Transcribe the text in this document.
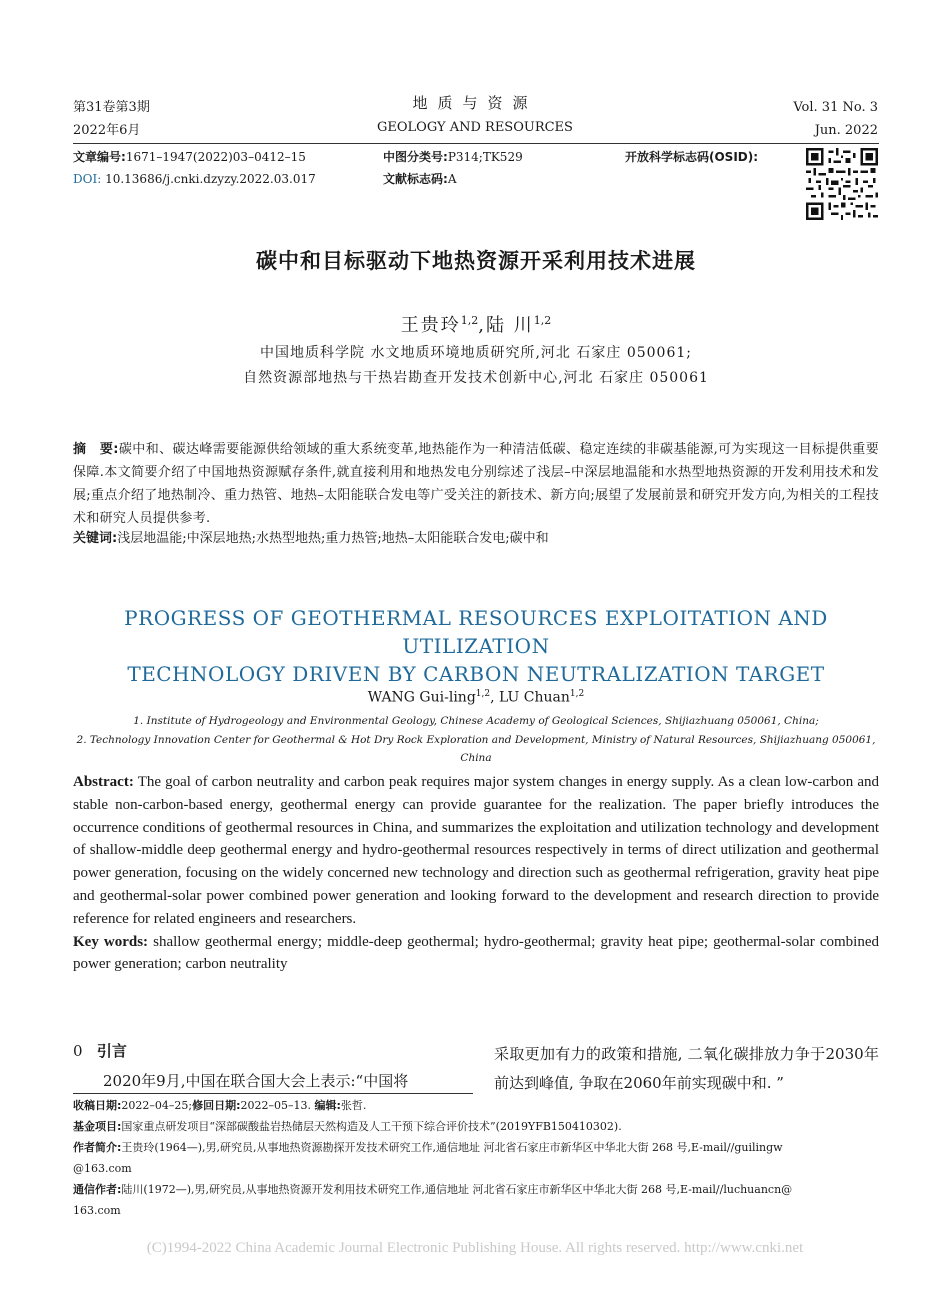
第31卷第3期
2022年6月
地质与资源
GEOLOGY AND RESOURCES
Vol. 31 No. 3
Jun. 2022
文章编号:1671–1947(2022)03–0412–15
DOI: 10.13686/j.cnki.dzyzy.2022.03.017
中图分类号:P314;TK529
文献标志码:A
开放科学标志码(OSID):
碳中和目标驱动下地热资源开采利用技术进展
王贵玲$^{1,2}$,陆 川$^{1,2}$
中国地质科学院 水文地质环境地质研究所,河北 石家庄 050061;
自然资源部地热与干热岩勘查开发技术创新中心,河北 石家庄 050061
摘　要:碳中和、碳达峰需要能源供给领域的重大系统变革,地热能作为一种清洁低碳、稳定连续的非碳基能源,可为实现这一目标提供重要保障.本文简要介绍了中国地热资源赋存条件,就直接利用和地热发电分别综述了浅层–中深层地温能和水热型地热资源的开发利用技术和发展;重点介绍了地热制冷、重力热管、地热–太阳能联合发电等广受关注的新技术、新方向;展望了发展前景和研究开发方向,为相关的工程技术和研究人员提供参考.
关键词:浅层地温能;中深层地热;水热型地热;重力热管;地热–太阳能联合发电;碳中和
PROGRESS OF GEOTHERMAL RESOURCES EXPLOITATION AND UTILIZATION
TECHNOLOGY DRIVEN BY CARBON NEUTRALIZATION TARGET
WANG Gui-ling$^{1,2}$, LU Chuan$^{1,2}$
1. Institute of Hydrogeology and Environmental Geology, Chinese Academy of Geological Sciences, Shijiazhuang 050061, China;
2. Technology Innovation Center for Geothermal & Hot Dry Rock Exploration and Development, Ministry of Natural Resources, Shijiazhuang 050061, China
Abstract: The goal of carbon neutrality and carbon peak requires major system changes in energy supply. As a clean low-carbon and stable non-carbon-based energy, geothermal energy can provide guarantee for the realization. The paper briefly introduces the occurrence conditions of geothermal resources in China, and summarizes the exploitation and utilization technology and development of shallow-middle deep geothermal energy and hydro-geothermal resources respectively in terms of direct utilization and geothermal power generation, focusing on the widely concerned new technology and direction such as geothermal refrigeration, gravity heat pipe and geothermal-solar power combined power generation and looking forward to the development and research direction to provide reference for related engineers and researchers.
Key words: shallow geothermal energy; middle-deep geothermal; hydro-geothermal; gravity heat pipe; geothermal-solar combined power generation; carbon neutrality
0 引言
2020年9月,中国在联合国大会上表示:“中国将
采取更加有力的政策和措施, 二氧化碳排放力争于2030年前达到峰值, 争取在2060年前实现碳中和. ”
收稿日期:2022–04–25;修回日期:2022–05–13. 编辑:张哲.
基金项目:国家重点研发项目“深部碳酸盐岩热储层天然构造及人工干预下综合评价技术”(2019YFB150410302).
作者简介:王贵玲(1964—),男,研究员,从事地热资源勘探开发技术研究工作,通信地址 河北省石家庄市新华区中华北大街 268 号,E-mail//guilingw
@163.com
通信作者:陆川(1972—),男,研究员,从事地热资源开发利用技术研究工作,通信地址 河北省石家庄市新华区中华北大街 268 号,E-mail//luchuancn@
163.com
(C)1994-2022 China Academic Journal Electronic Publishing House. All rights reserved. http://www.cnki.net
